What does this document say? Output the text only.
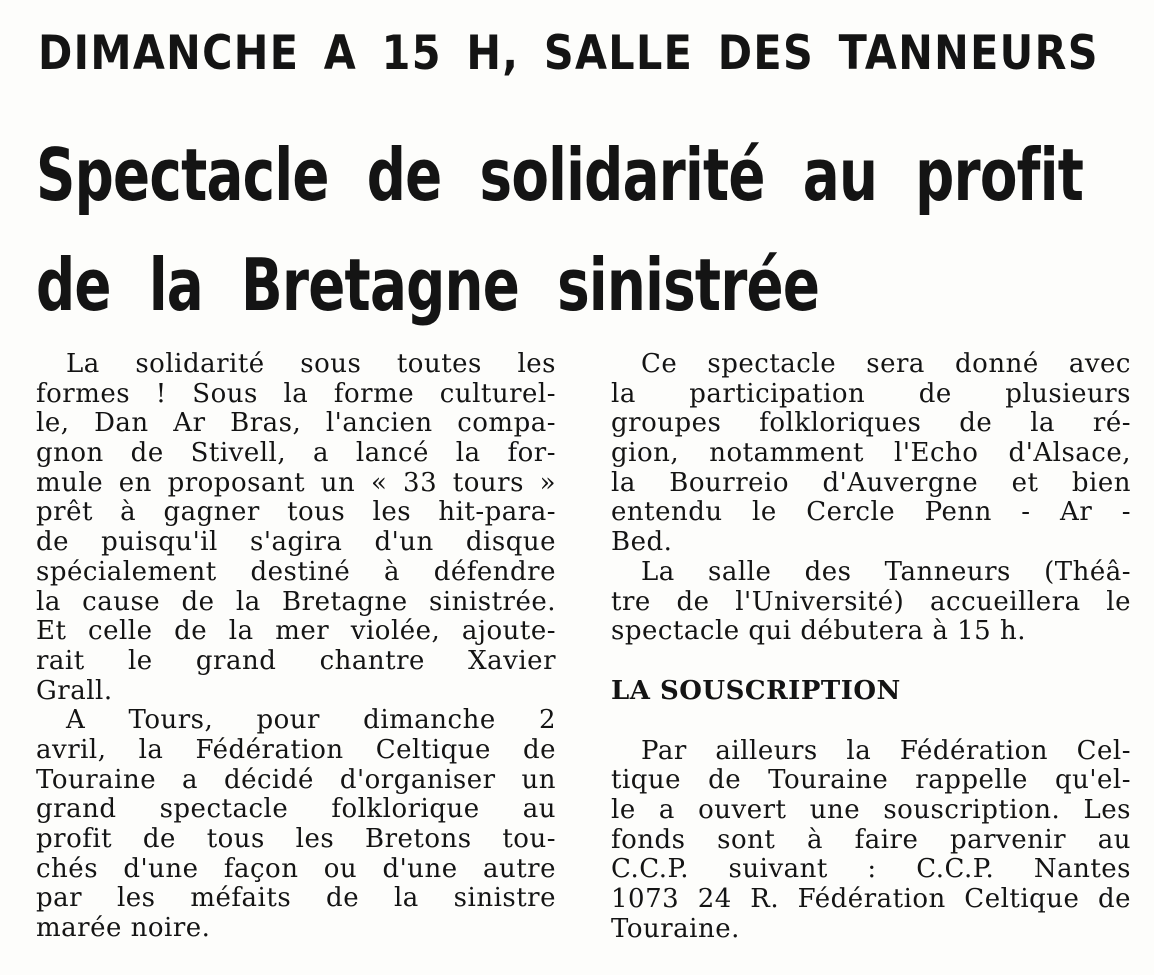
DIMANCHE A 15 H, SALLE DES TANNEURS
Spectacle de solidarité au profit
de la Bretagne sinistrée
La solidarité sous toutes les
formes ! Sous la forme culturel-
le, Dan Ar Bras, l'ancien compa-
gnon de Stivell, a lancé la for-
mule en proposant un « 33 tours »
prêt à gagner tous les hit-para-
de puisqu'il s'agira d'un disque
spécialement destiné à défendre
la cause de la Bretagne sinistrée.
Et celle de la mer violée, ajoute-
rait le grand chantre Xavier
Grall.
A Tours, pour dimanche 2
avril, la Fédération Celtique de
Touraine a décidé d'organiser un
grand spectacle folklorique au
profit de tous les Bretons tou-
chés d'une façon ou d'une autre
par les méfaits de la sinistre
marée noire.
Ce spectacle sera donné avec
la participation de plusieurs
groupes folkloriques de la ré-
gion, notamment l'Echo d'Alsace,
la Bourreio d'Auvergne et bien
entendu le Cercle Penn - Ar -
Bed.
La salle des Tanneurs (Théâ-
tre de l'Université) accueillera le
spectacle qui débutera à 15 h.
LA SOUSCRIPTION
Par ailleurs la Fédération Cel-
tique de Touraine rappelle qu'el-
le a ouvert une souscription. Les
fonds sont à faire parvenir au
C.C.P. suivant : C.C.P. Nantes
1073 24 R. Fédération Celtique de
Touraine.
